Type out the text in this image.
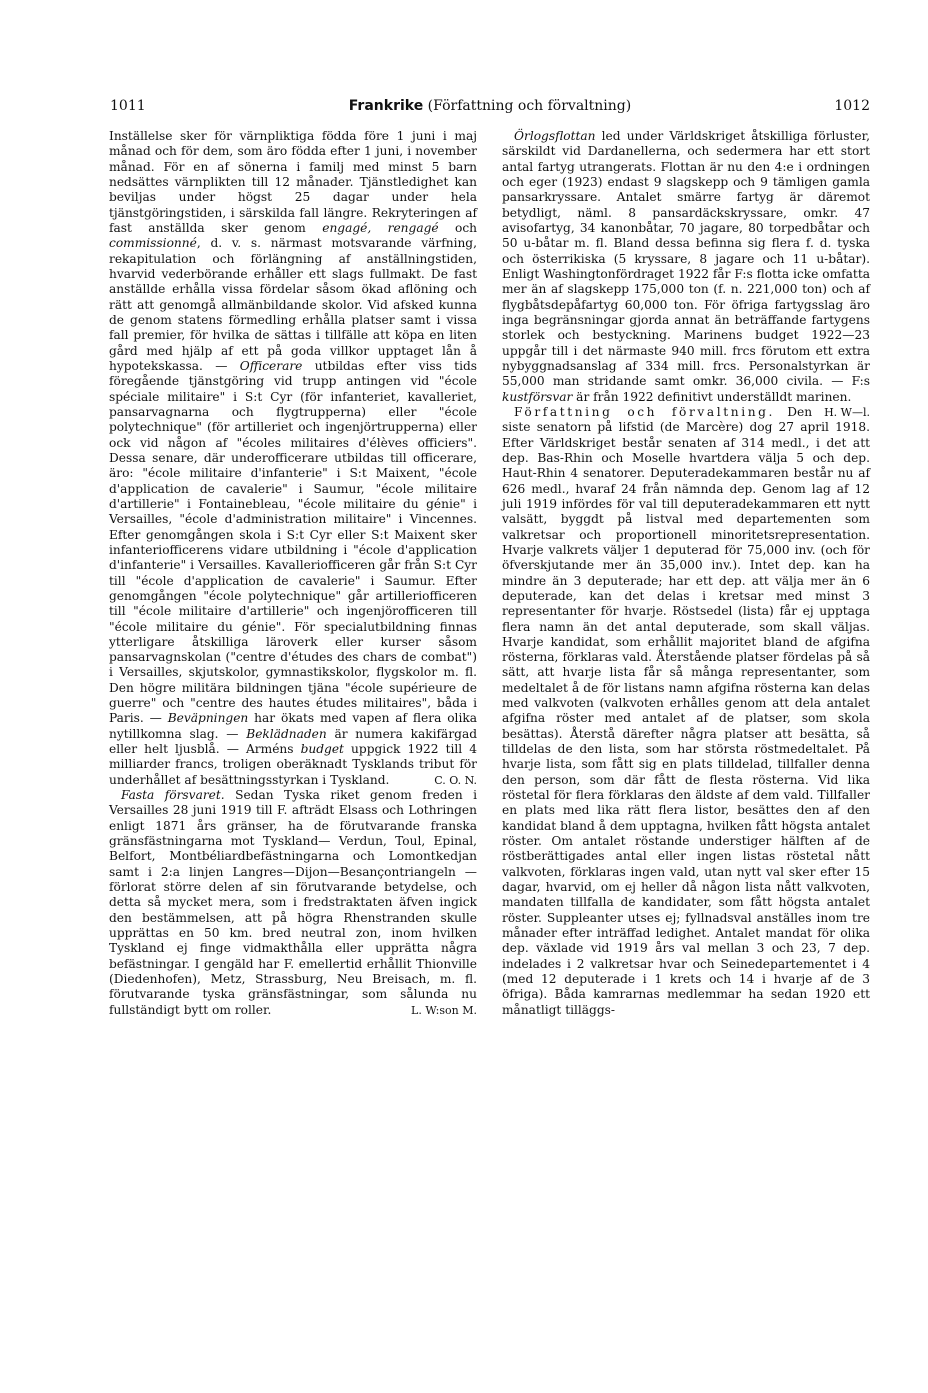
1011	Frankrike (Författning och förvaltning)	1012

Inställelse sker för värnpliktiga födda före 1 juni i maj månad och för dem, som äro födda efter 1 juni, i november månad. För en af sönerna i familj med minst 5 barn nedsättes värnplikten till 12 månader. Tjänstledighet kan beviljas under högst 25 dagar under hela tjänstgöringstiden, i särskilda fall längre. Rekryteringen af fast anställda sker genom engagé, rengagé och commissionné, d. v. s. närmast motsvarande värfning, rekapitulation och förlängning af anställningstiden, hvarvid vederbörande erhåller ett slags fullmakt. De fast anställde erhålla vissa fördelar såsom ökad aflöning och rätt att genomgå allmänbildande skolor. Vid afsked kunna de genom statens förmedling erhålla platser samt i vissa fall premier, för hvilka de sättas i tillfälle att köpa en liten gård med hjälp af ett på goda villkor upptaget lån å hypotekskassa. — Officerare utbildas efter viss tids föregående tjänstgöring vid trupp antingen vid "école spéciale militaire" i S:t Cyr (för infanteriet, kavalleriet, pansarvagnarna och flygtrupperna) eller "école polytechnique" (för artilleriet och ingenjörtrupperna) eller ock vid någon af "écoles militaires d'élèves officiers". Dessa senare, där underofficerare utbildas till officerare, äro: "école militaire d'infanterie" i S:t Maixent, "école d'application de cavalerie" i Saumur, "école militaire d'artillerie" i Fontainebleau, "école militaire du génie" i Versailles, "école d'administration militaire" i Vincennes. Efter genomgången skola i S:t Cyr eller S:t Maixent sker infanteriofficerens vidare utbildning i "école d'application d'infanterie" i Versailles. Kavalleriofficeren går från S:t Cyr till "école d'application de cavalerie" i Saumur. Efter genomgången "école polytechnique" går artilleriofficeren till "école militaire d'artillerie" och ingenjörofficeren till "école militaire du génie". För specialutbildning finnas ytterligare åtskilliga läroverk eller kurser såsom pansarvagnskolan ("centre d'études des chars de combat") i Versailles, skjutskolor, gymnastikskolor, flygskolor m. fl. Den högre militära bildningen tjäna "école supérieure de guerre" och "centre des hautes études militaires", båda i Paris. — Beväpningen har ökats med vapen af flera olika nytillkomna slag. — Beklädnaden är numera kakifärgad eller helt ljusblå. — Arméns budget uppgick 1922 till 4 milliarder francs, troligen oberäknadt Tysklands tribut för underhållet af besättningsstyrkan i Tyskland.	C. O. N.

Fasta försvaret. Sedan Tyska riket genom freden i Versailles 28 juni 1919 till F. afträdt Elsass och Lothringen enligt 1871 års gränser, ha de förutvarande franska gränsfästningarna mot Tyskland— Verdun, Toul, Epinal, Belfort, Montbéliardbefästningarna och Lomontkedjan samt i 2:a linjen Langres—Dijon—Besançontriangeln — förlorat större delen af sin förutvarande betydelse, och detta så mycket mera, som i fredstraktaten äfven ingick den bestämmelsen, att på högra Rhenstranden skulle upprättas en 50 km. bred neutral zon, inom hvilken Tyskland ej finge vidmakthålla eller upprätta några befästningar. I gengäld har F. emellertid erhållit Thionville (Diedenhofen), Metz, Strassburg, Neu Breisach, m. fl. förutvarande tyska gränsfästningar, som sålunda nu fullständigt bytt om roller.	L. W:son M.

Örlogsflottan led under Världskriget åtskilliga förluster, särskildt vid Dardanellerna, och sedermera har ett stort antal fartyg utrangerats. Flottan är nu den 4:e i ordningen och eger (1923) endast 9 slagskepp och 9 tämligen gamla pansarkryssare. Antalet smärre fartyg är däremot betydligt, näml. 8 pansardäckskryssare, omkr. 47 avisofartyg, 34 kanonbåtar, 70 jagare, 80 torpedbåtar och 50 u-båtar m. fl. Bland dessa befinna sig flera f. d. tyska och österrikiska (5 kryssare, 8 jagare och 11 u-båtar). Enligt Washingtonfördraget 1922 får F:s flotta icke omfatta mer än af slagskepp 175,000 ton (f. n. 221,000 ton) och af flygbåtsdepåfartyg 60,000 ton. För öfriga fartygsslag äro inga begränsningar gjorda annat än beträffande fartygens storlek och bestyckning. Marinens budget 1922—23 uppgår till i det närmaste 940 mill. frcs förutom ett extra nybyggnadsanslag af 334 mill. frcs. Personalstyrkan är 55,000 man stridande samt omkr. 36,000 civila. — F:s kustförsvar är från 1922 definitivt underställdt marinen.
H. W—l.

Författning och förvaltning. Den siste senatorn på lifstid (de Marcère) dog 27 april 1918. Efter Världskriget består senaten af 314 medl., i det att dep. Bas-Rhin och Moselle hvartdera välja 5 och dep. Haut-Rhin 4 senatorer. Deputeradekammaren består nu af 626 medl., hvaraf 24 från nämnda dep. Genom lag af 12 juli 1919 infördes för val till deputeradekammaren ett nytt valsätt, byggdt på listval med departementen som valkretsar och proportionell minoritetsrepresentation. Hvarje valkrets väljer 1 deputerad för 75,000 inv. (och för öfverskjutande mer än 35,000 inv.). Intet dep. kan ha mindre än 3 deputerade; har ett dep. att välja mer än 6 deputerade, kan det delas i kretsar med minst 3 representanter för hvarje. Röstsedel (lista) får ej upptaga flera namn än det antal deputerade, som skall väljas. Hvarje kandidat, som erhållit majoritet bland de afgifna rösterna, förklaras vald. Återstående platser fördelas på så sätt, att hvarje lista får så många representanter, som medeltalet å de för listans namn afgifna rösterna kan delas med valkvoten (valkvoten erhålles genom att dela antalet afgifna röster med antalet af de platser, som skola besättas). Återstå därefter några platser att besätta, så tilldelas de den lista, som har största röstmedeltalet. På hvarje lista, som fått sig en plats tilldelad, tillfaller denna den person, som där fått de flesta rösterna. Vid lika röstetal för flera förklaras den äldste af dem vald. Tillfaller en plats med lika rätt flera listor, besättes den af den kandidat bland å dem upptagna, hvilken fått högsta antalet röster. Om antalet röstande understiger hälften af de röstberättigades antal eller ingen listas röstetal nått valkvoten, förklaras ingen vald, utan nytt val sker efter 15 dagar, hvarvid, om ej heller då någon lista nått valkvoten, mandaten tillfalla de kandidater, som fått högsta antalet röster. Suppleanter utses ej; fyllnadsval anställes inom tre månader efter inträffad ledighet. Antalet mandat för olika dep. växlade vid 1919 års val mellan 3 och 23, 7 dep. indelades i 2 valkretsar hvar och Seinedepartementet i 4 (med 12 deputerade i 1 krets och 14 i hvarje af de 3 öfriga). Båda kamrarnas medlemmar ha sedan 1920 ett månatligt tilläggs-
